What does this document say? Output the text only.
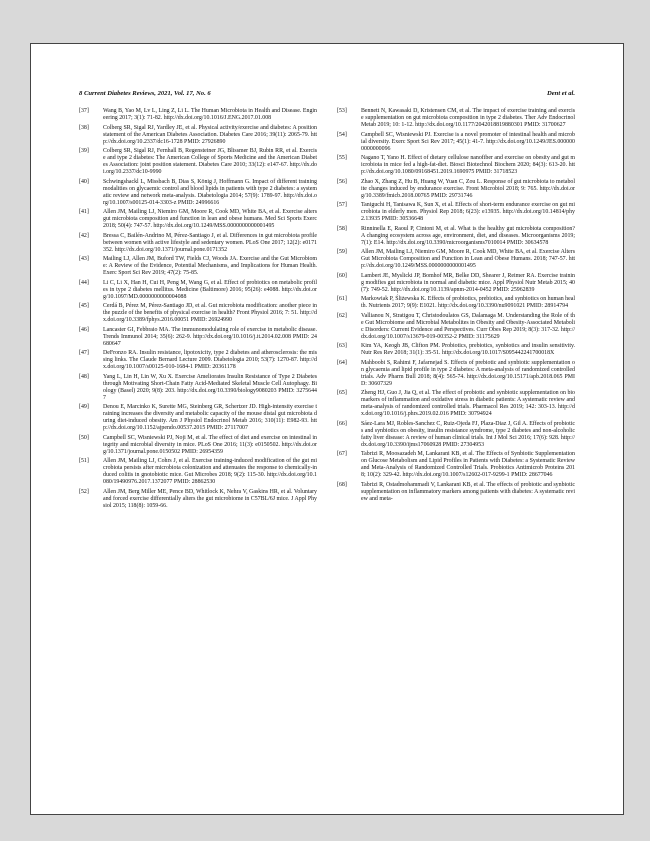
8 Current Diabetes Reviews, 2021, Vol. 17, No. 6	Dent et al.
[37]	Wang B, Yao M, Lv L, Ling Z, Li L. The Human Microbiota in Health and Disease. Engineering 2017; 3(1): 71-82. http://dx.doi.org/10.1016/J.ENG.2017.01.008
[38]	Colberg SR, Sigal RJ, Yardley JE, et al. Physical activity/exercise and diabetes: A position statement of the American Diabetes Association. Diabetes Care 2016; 39(11): 2065-79. http://dx.doi.org/10.2337/dc16-1728 PMID: 27926890
[39]	Colberg SR, Sigal RJ, Fernhall B, Regensteiner JG, Blissmer BJ, Rubin RR, et al. Exercise and type 2 diabetes: The American College of Sports Medicine and the American Diabetes Association: joint position statement. Diabetes Care 2010; 33(12): e147-67. http://dx.doi.org/10.2337/dc10-9990
[40]	Schwingshackl L, Missbach B, Dias S, König J, Hoffmann G. Impact of different training modalities on glycaemic control and blood lipids in patients with type 2 diabetes: a systematic review and network meta-analysis. Diabetologia 2014; 57(9): 1789-97. http://dx.doi.org/10.1007/s00125-014-3303-z PMID: 24996616
[41]	Allen JM, Mailing LJ, Niemiro GM, Moore R, Cook MD, White BA, et al. Exercise alters gut microbiota composition and function in lean and obese humans. Med Sci Sports Exerc 2018; 50(4): 747-57. http://dx.doi.org/10.1249/MSS.0000000000001495
[42]	Bressa C, Bailén-Andrino M, Pérez-Santiago J, et al. Differences in gut microbiota profile between women with active lifestyle and sedentary women. PLoS One 2017; 12(2): e0171352. http://dx.doi.org/10.1371/journal.pone.0171352
[43]	Mailing LJ, Allen JM, Buford TW, Fields CJ, Woods JA. Exercise and the Gut Microbiome: A Review of the Evidence, Potential Mechanisms, and Implications for Human Health. Exerc Sport Sci Rev 2019; 47(2): 75-85.
[44]	Li C, Li X, Han H, Cui H, Peng M, Wang G, et al. Effect of probiotics on metabolic profiles in type 2 diabetes mellitus. Medicine (Baltimore) 2016; 95(26): e4088. http://dx.doi.org/10.1097/MD.0000000000004088
[45]	Cerdá B, Pérez M, Pérez-Santiago JD, et al. Gut microbiota modification: another piece in the puzzle of the benefits of physical exercise in health? Front Physiol 2016; 7: 51. http://dx.doi.org/10.3389/fphys.2016.00051 PMID: 26924990
[46]	Lancaster GI, Febbraio MA. The immunomodulating role of exercise in metabolic disease. Trends Immunol 2014; 35(6): 262-9. http://dx.doi.org/10.1016/j.it.2014.02.008 PMID: 24680647
[47]	DeFronzo RA. Insulin resistance, lipotoxicity, type 2 diabetes and atherosclerosis: the missing links. The Claude Bernard Lecture 2009. Diabetologia 2010; 53(7): 1270-87. http://dx.doi.org/10.1007/s00125-010-1684-1 PMID: 20361178
[48]	Yang L, Lin H, Lin W, Xu X. Exercise Ameliorates Insulin Resistance of Type 2 Diabetes through Motivating Short-Chain Fatty Acid-Mediated Skeletal Muscle Cell Autophagy. Biology (Basel) 2020; 9(8): 203. http://dx.doi.org/10.3390/biology9080203 PMID: 32756447
[49]	Denou E, Marcinko K, Surette MG, Steinberg GR, Schertzer JD. High-intensity exercise training increases the diversity and metabolic capacity of the mouse distal gut microbiota during diet-induced obesity. Am J Physiol Endocrinol Metab 2016; 310(11): E982-93. http://dx.doi.org/10.1152/ajpendo.00537.2015 PMID: 27117007
[50]	Campbell SC, Wisniewski PJ, Noji M, et al. The effect of diet and exercise on intestinal integrity and microbial diversity in mice. PLoS One 2016; 11(3): e0150502. http://dx.doi.org/10.1371/journal.pone.0150502 PMID: 26954359
[51]	Allen JM, Mailing LJ, Cohrs J, et al. Exercise training-induced modification of the gut microbiota persists after microbiota colonization and attenuates the response to chemically-induced colitis in gnotobiotic mice. Gut Microbes 2018; 9(2): 115-30. http://dx.doi.org/10.1080/19490976.2017.1372077 PMID: 28862530
[52]	Allen JM, Berg Miller ME, Pence BD, Whitlock K, Nehra V, Gaskins HR, et al. Voluntary and forced exercise differentially alters the gut microbiome in C57BL/6J mice. J Appl Physiol 2015; 118(8): 1059-66.
[53]	Bennett N, Kawasaki D, Kristensen CM, et al. The impact of exercise training and exercise supplementation on gut microbiota composition in type 2 diabetes. Ther Adv Endocrinol Metab 2019; 10: 1-12. http://dx.doi.org/10.1177/2042018819880301 PMID: 31700627
[54]	Campbell SC, Wisniewski PJ. Exercise is a novel promoter of intestinal health and microbial diversity. Exerc Sport Sci Rev 2017; 45(1): 41-7. http://dx.doi.org/10.1249/JES.0000000000000096
[55]	Nagano T, Yano H. Effect of dietary cellulose nanofiber and exercise on obesity and gut microbiota in mice fed a high-fat-diet. Biosci Biotechnol Biochem 2020; 84(3): 613-20. http://dx.doi.org/10.1080/09168451.2019.1690975 PMID: 31718523
[56]	Zhao X, Zhang Z, Hu B, Huang W, Yuan C, Zou L. Response of gut microbiota to metabolite changes induced by endurance exercise. Front Microbiol 2018; 9: 765. http://dx.doi.org/10.3389/fmicb.2018.00765 PMID: 29731746
[57]	Taniguchi H, Tanisawa K, Sun X, et al. Effects of short-term endurance exercise on gut microbiota in elderly men. Physiol Rep 2018; 6(23): e13935. http://dx.doi.org/10.14814/phy2.13935 PMID: 30536648
[58]	Rinninella E, Raoul P, Cintoni M, et al. What is the healthy gut microbiota composition? A changing ecosystem across age, environment, diet, and diseases. Microorganisms 2019; 7(1): E14. http://dx.doi.org/10.3390/microorganisms7010014 PMID: 30634578
[59]	Allen JM, Mailing LJ, Niemiro GM, Moore R, Cook MD, White BA, et al. Exercise Alters Gut Microbiota Composition and Function in Lean and Obese Humans. 2018; 747-57. http://dx.doi.org/10.1249/MSS.0000000000001495
[60]	Lambert JE, Myslicki JP, Bomhof MR, Belke DD, Shearer J, Reimer RA. Exercise training modifies gut microbiota in normal and diabetic mice. Appl Physiol Nutr Metab 2015; 40(7): 749-52. http://dx.doi.org/10.1139/apnm-2014-0452 PMID: 25962839
[61]	Markowiak P, Śliżewska K. Effects of probiotics, prebiotics, and synbiotics on human health. Nutrients 2017; 9(9): E1021. http://dx.doi.org/10.3390/nu9091021 PMID: 28914794
[62]	Vallianou N, Stratigou T, Christodoulatos GS, Dalamaga M. Understanding the Role of the Gut Microbiome and Microbial Metabolites in Obesity and Obesity-Associated Metabolic Disorders: Current Evidence and Perspectives. Curr Obes Rep 2019; 8(3): 317-32. http://dx.doi.org/10.1007/s13679-019-00352-2 PMID: 31175629
[63]	Kim YA, Keogh JB, Clifton PM. Probiotics, prebiotics, synbiotics and insulin sensitivity. Nutr Res Rev 2018; 31(1): 35-51. http://dx.doi.org/10.1017/S095442241700018X
[64]	Mahboobi S, Rahimi F, Jafarnejad S. Effects of prebiotic and synbiotic supplementation on glycaemia and lipid profile in type 2 diabetes: A meta-analysis of randomized controlled trials. Adv Pharm Bull 2018; 8(4): 565-74. http://dx.doi.org/10.15171/apb.2018.065 PMID: 30607329
[65]	Zheng HJ, Guo J, Jia Q, et al. The effect of probiotic and synbiotic supplementation on biomarkers of inflammation and oxidative stress in diabetic patients: A systematic review and meta-analysis of randomized controlled trials. Pharmacol Res 2019; 142: 303-13. http://dx.doi.org/10.1016/j.phrs.2019.02.016 PMID: 30794924
[66]	Sáez-Lara MJ, Robles-Sanchez C, Ruiz-Ojeda FJ, Plaza-Diaz J, Gil A. Effects of probiotics and synbiotics on obesity, insulin resistance syndrome, type 2 diabetes and non-alcoholic fatty liver disease: A review of human clinical trials. Int J Mol Sci 2016; 17(6): 928. http://dx.doi.org/10.3390/ijms17060928 PMID: 27304953
[67]	Tabrizi R, Moosazadeh M, Lankarani KB, et al. The Effects of Synbiotic Supplementation on Glucose Metabolism and Lipid Profiles in Patients with Diabetes: a Systematic Review and Meta-Analysis of Randomized Controlled Trials. Probiotics Antimicrob Proteins 2018; 10(2): 329-42. http://dx.doi.org/10.1007/s12602-017-9299-1 PMID: 28677046
[68]	Tabrizi R, Ostadmohammadi V, Lankarani KB, et al. The effects of probiotic and synbiotic supplementation on inflammatory markers among patients with diabetes: A systematic review and meta-
